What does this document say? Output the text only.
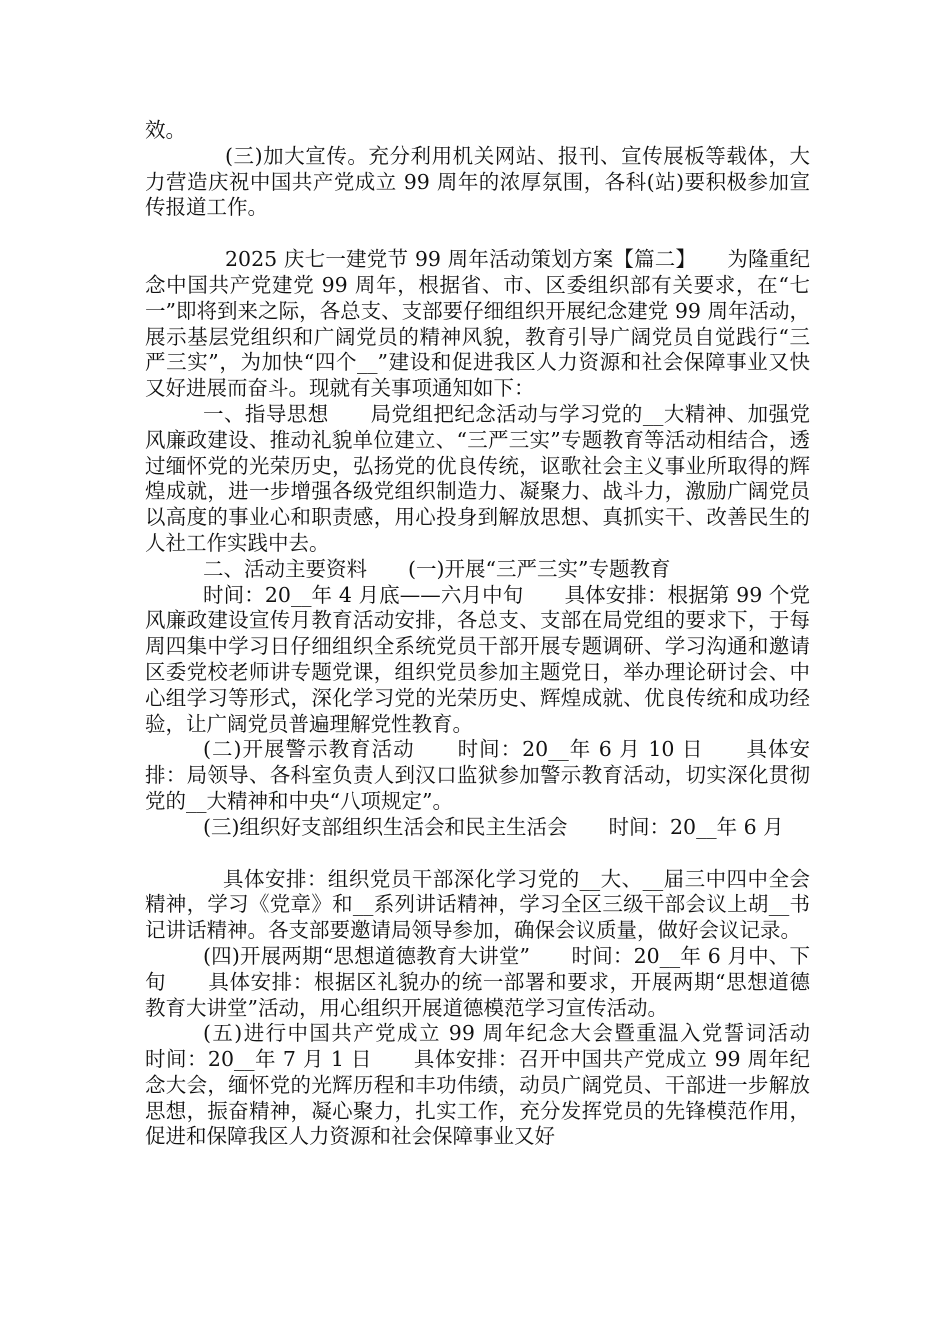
效。

(三)加大宣传。充分利用机关网站、报刊、宣传展板等载体，大力营造庆祝中国共产党成立 99 周年的浓厚氛围，各科(站)要积极参加宣传报道工作。

2025 庆七一建党节 99 周年活动策划方案【篇二】　　为隆重纪念中国共产党建党 99 周年，根据省、市、区委组织部有关要求，在“七一”即将到来之际，各总支、支部要仔细组织开展纪念建党 99 周年活动，展示基层党组织和广阔党员的精神风貌，教育引导广阔党员自觉践行“三严三实”，为加快“四个__”建设和促进我区人力资源和社会保障事业又快又好进展而奋斗。现就有关事项通知如下：

一、指导思想　　局党组把纪念活动与学习党的__大精神、加强党风廉政建设、推动礼貌单位建立、“三严三实”专题教育等活动相结合，透过缅怀党的光荣历史，弘扬党的优良传统，讴歌社会主义事业所取得的辉煌成就，进一步增强各级党组织制造力、凝聚力、战斗力，激励广阔党员以高度的事业心和职责感，用心投身到解放思想、真抓实干、改善民生的人社工作实践中去。

二、活动主要资料　　(一)开展“三严三实”专题教育

时间：20__年 4 月底——六月中旬　　具体安排：根据第 99 个党风廉政建设宣传月教育活动安排，各总支、支部在局党组的要求下，于每周四集中学习日仔细组织全系统党员干部开展专题调研、学习沟通和邀请区委党校老师讲专题党课，组织党员参加主题党日，举办理论研讨会、中心组学习等形式，深化学习党的光荣历史、辉煌成就、优良传统和成功经验，让广阔党员普遍理解党性教育。

(二)开展警示教育活动　　时间：20__年 6 月 10 日　　具体安排：局领导、各科室负责人到汉口监狱参加警示教育活动，切实深化贯彻党的__大精神和中央“八项规定”。

(三)组织好支部组织生活会和民主生活会　　时间：20__年 6 月

具体安排：组织党员干部深化学习党的__大、__届三中四中全会精神，学习《党章》和__系列讲话精神，学习全区三级干部会议上胡__书记讲话精神。各支部要邀请局领导参加，确保会议质量，做好会议记录。

(四)开展两期“思想道德教育大讲堂”　　时间：20__年 6 月中、下旬　　具体安排：根据区礼貌办的统一部署和要求，开展两期“思想道德教育大讲堂”活动，用心组织开展道德模范学习宣传活动。

(五)进行中国共产党成立 99 周年纪念大会暨重温入党誓词活动　　时间：20__年 7 月 1 日　　具体安排：召开中国共产党成立 99 周年纪念大会，缅怀党的光辉历程和丰功伟绩，动员广阔党员、干部进一步解放思想，振奋精神，凝心聚力，扎实工作，充分发挥党员的先锋模范作用，促进和保障我区人力资源和社会保障事业又好
